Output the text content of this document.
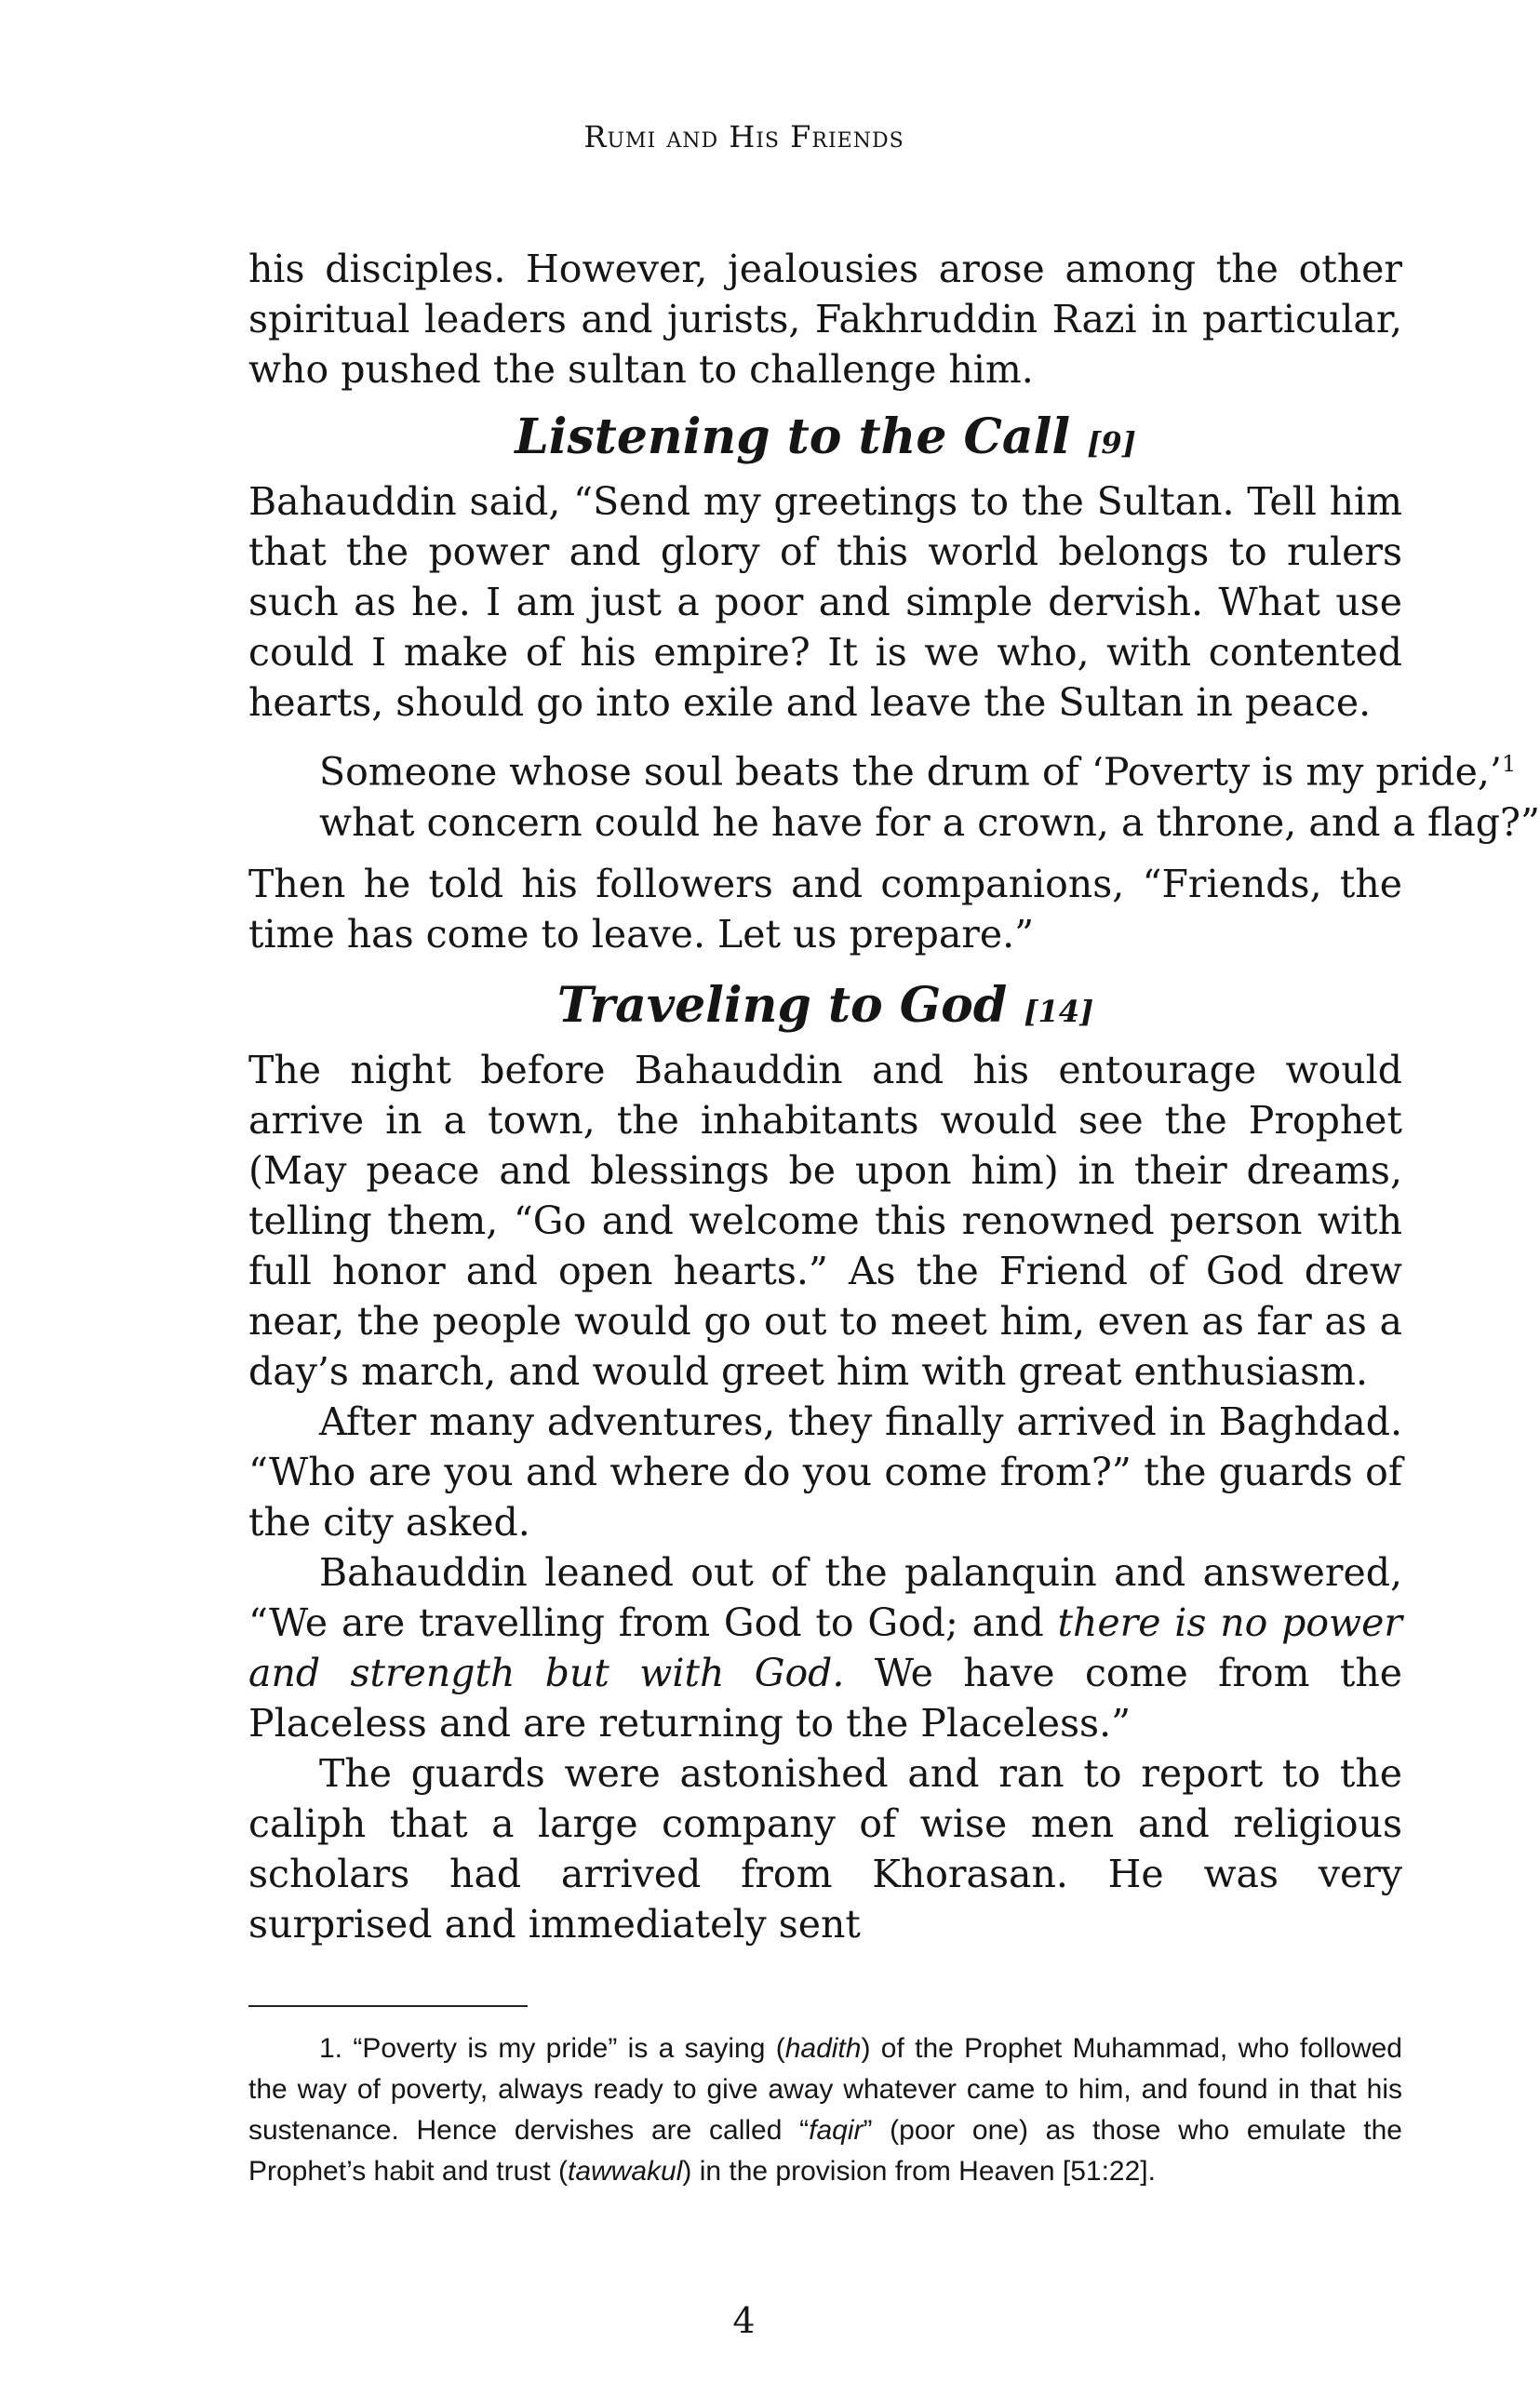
Rumi and His Friends

his disciples. However, jealousies arose among the other spiritual leaders and jurists, Fakhruddin Razi in particular, who pushed the sultan to challenge him.

Listening to the Call [9]

Bahauddin said, “Send my greetings to the Sultan. Tell him that the power and glory of this world belongs to rulers such as he. I am just a poor and simple dervish. What use could I make of his empire? It is we who, with contented hearts, should go into exile and leave the Sultan in peace.

Someone whose soul beats the drum of ‘Poverty is my pride,’$^1$
what concern could he have for a crown, a throne, and a flag?”

Then he told his followers and companions, “Friends, the time has come to leave. Let us prepare.”

Traveling to God [14]

The night before Bahauddin and his entourage would arrive in a town, the inhabitants would see the Prophet (May peace and blessings be upon him) in their dreams, telling them, “Go and welcome this renowned person with full honor and open hearts.” As the Friend of God drew near, the people would go out to meet him, even as far as a day’s march, and would greet him with great enthusiasm.

After many adventures, they finally arrived in Baghdad. “Who are you and where do you come from?” the guards of the city asked.

Bahauddin leaned out of the palanquin and answered, “We are travelling from God to God; and there is no power and strength but with God. We have come from the Placeless and are returning to the Placeless.”

The guards were astonished and ran to report to the caliph that a large company of wise men and religious scholars had arrived from Khorasan. He was very surprised and immediately sent

1. “Poverty is my pride” is a saying (hadith) of the Prophet Muhammad, who followed the way of poverty, always ready to give away whatever came to him, and found in that his sustenance. Hence dervishes are called “faqir” (poor one) as those who emulate the Prophet’s habit and trust (tawwakul) in the provision from Heaven [51:22].

4
